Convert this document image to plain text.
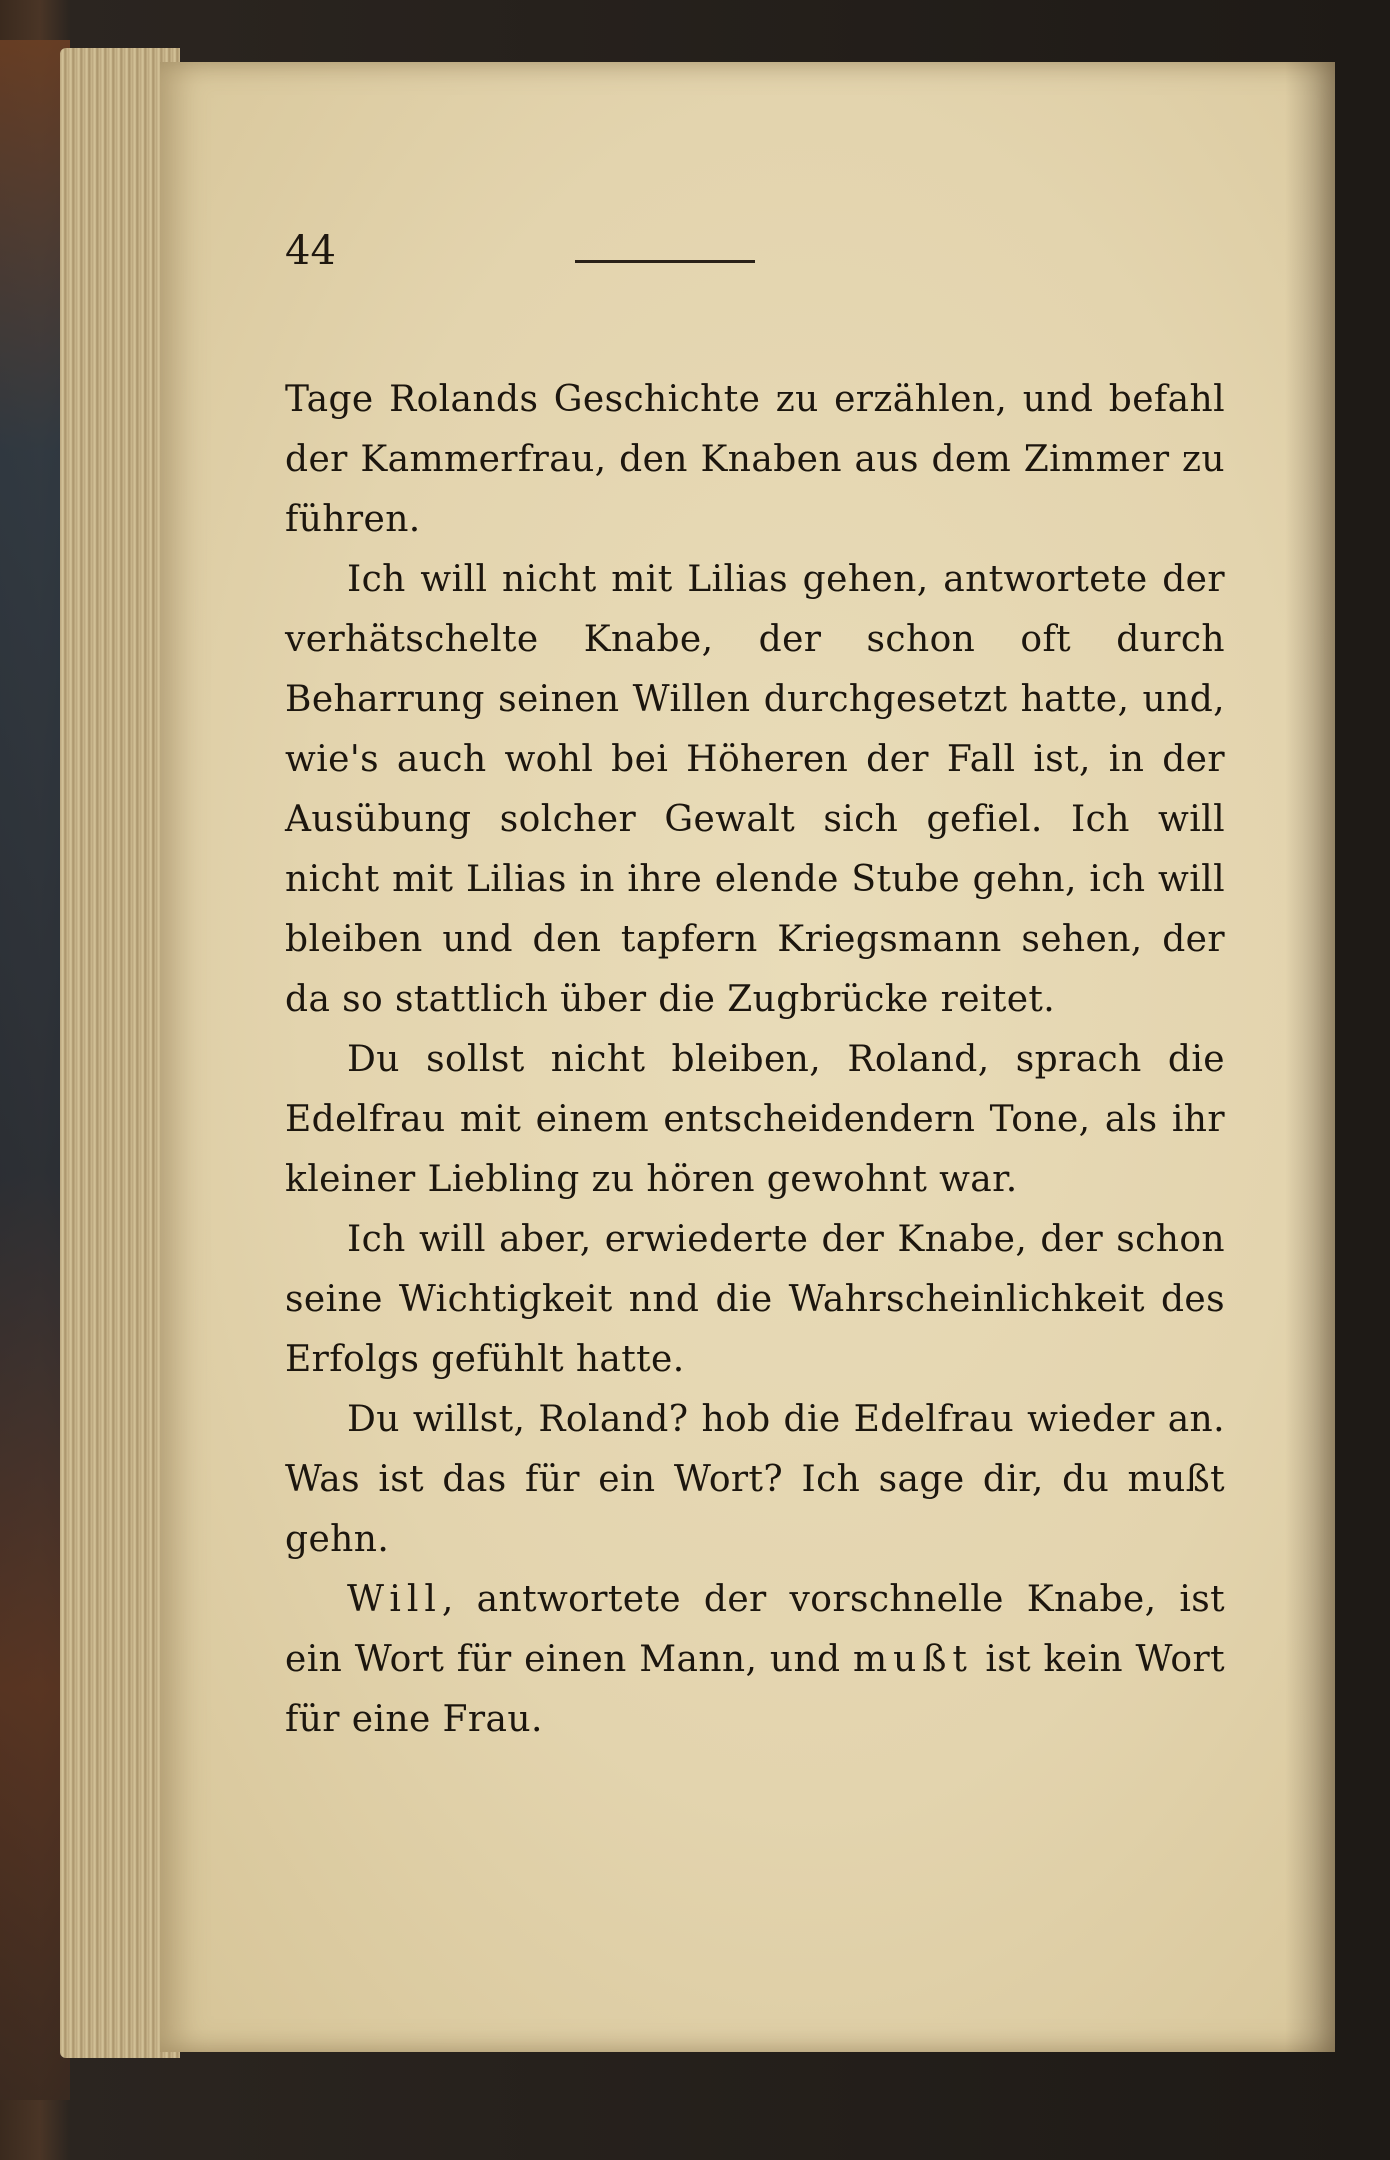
44

Tage Rolands Geschichte zu erzählen, und befahl der Kammerfrau, den Knaben aus dem Zimmer zu führen.

Ich will nicht mit Lilias gehen, antwortete der verhätschelte Knabe, der schon oft durch Beharrung seinen Willen durchgesetzt hatte, und, wie's auch wohl bei Höheren der Fall ist, in der Ausübung solcher Gewalt sich gefiel. Ich will nicht mit Lilias in ihre elende Stube gehn, ich will bleiben und den tapfern Kriegsmann sehen, der da so stattlich über die Zugbrücke reitet.

Du sollst nicht bleiben, Roland, sprach die Edelfrau mit einem entscheidendern Tone, als ihr kleiner Liebling zu hören gewohnt war.

Ich will aber, erwiederte der Knabe, der schon seine Wichtigkeit nnd die Wahrscheinlichkeit des Erfolgs gefühlt hatte.

Du willst, Roland? hob die Edelfrau wieder an. Was ist das für ein Wort? Ich sage dir, du mußt gehn.

Will, antwortete der vorschnelle Knabe, ist ein Wort für einen Mann, und mußt ist kein Wort für eine Frau.
